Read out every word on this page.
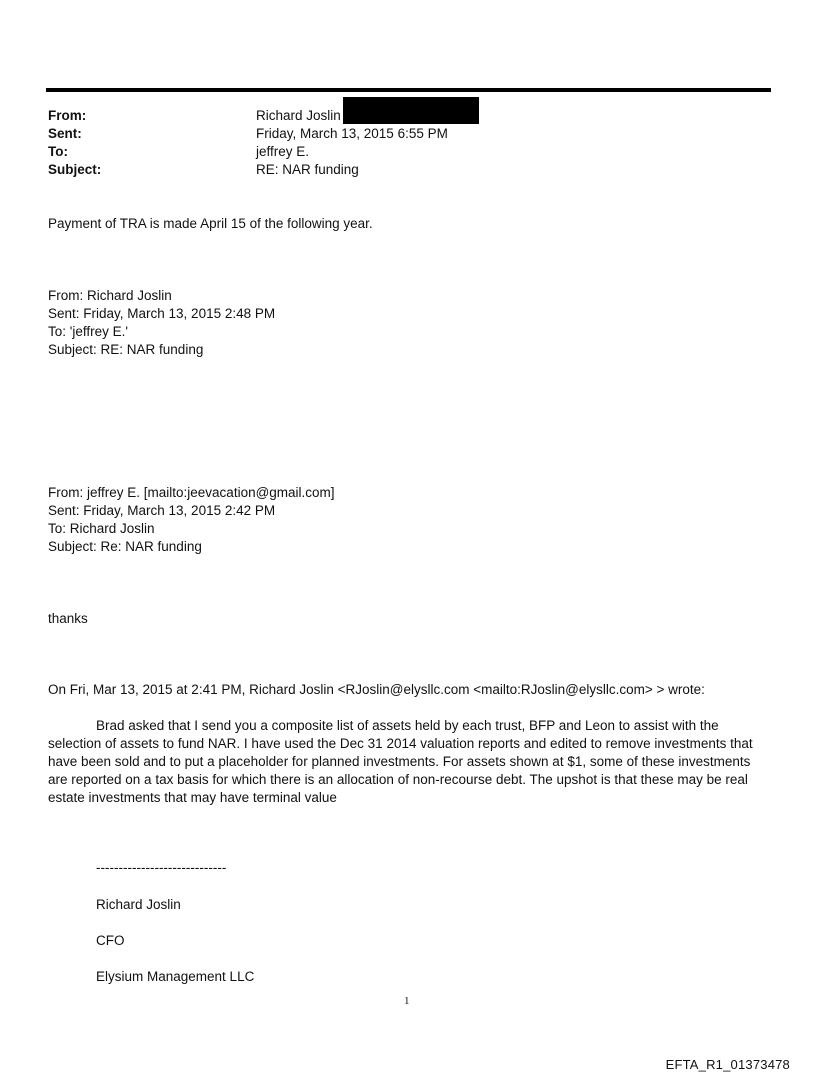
From:
Sent:
To:
Subject:
Richard Joslin
Friday, March 13, 2015 6:55 PM
jeffrey E.
RE: NAR funding
Payment of TRA is made April 15 of the following year.
From: Richard Joslin
Sent: Friday, March 13, 2015 2:48 PM
To: 'jeffrey E.'
Subject: RE: NAR funding
From: jeffrey E. [mailto:jeevacation@gmail.com]
Sent: Friday, March 13, 2015 2:42 PM
To: Richard Joslin
Subject: Re: NAR funding
thanks
On Fri, Mar 13, 2015 at 2:41 PM, Richard Joslin <RJoslin@elysllc.com <mailto:RJoslin@elysllc.com> > wrote:
Brad asked that I send you a composite list of assets held by each trust, BFP and Leon to assist with the selection of assets to fund NAR. I have used the Dec 31 2014 valuation reports and edited to remove investments that have been sold and to put a placeholder for planned investments. For assets shown at $1, some of these investments are reported on a tax basis for which there is an allocation of non-recourse debt. The upshot is that these may be real estate investments that may have terminal value
-----------------------------
Richard Joslin
CFO
Elysium Management LLC
1
EFTA_R1_01373478
